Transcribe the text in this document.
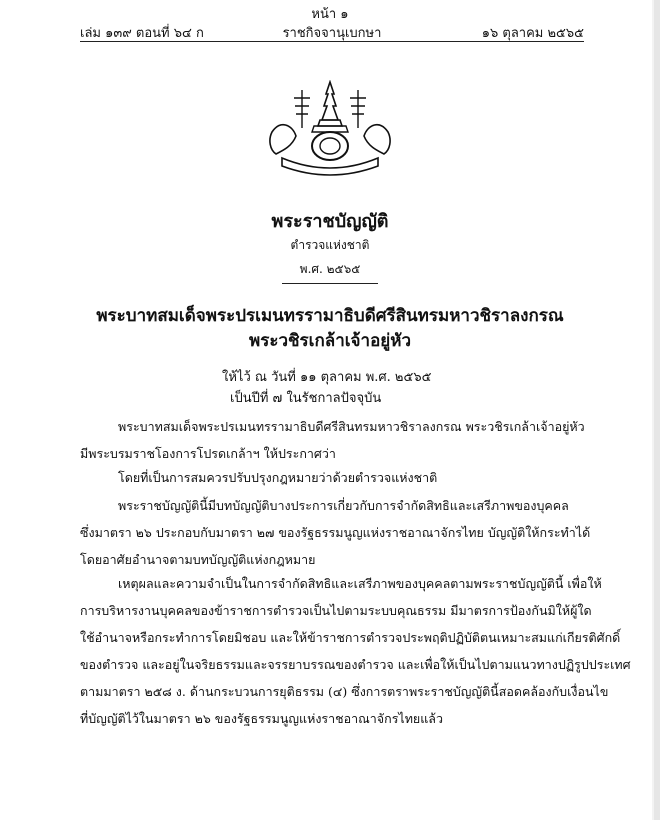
หน้า ๑
เล่ม ๑๓๙ ตอนที่ ๖๔ ก	ราชกิจจานุเบกษา	๑๖ ตุลาคม ๒๕๖๕
พระราชบัญญัติ
ตำรวจแห่งชาติ
พ.ศ. ๒๕๖๕
พระบาทสมเด็จพระปรเมนทรรามาธิบดีศรีสินทรมหาวชิราลงกรณ
พระวชิรเกล้าเจ้าอยู่หัว
ให้ไว้ ณ วันที่ ๑๑ ตุลาคม พ.ศ. ๒๕๖๕
เป็นปีที่ ๗ ในรัชกาลปัจจุบัน
พระบาทสมเด็จพระปรเมนทรรามาธิบดีศรีสินทรมหาวชิราลงกรณ พระวชิรเกล้าเจ้าอยู่หัว
มีพระบรมราชโองการโปรดเกล้าฯ ให้ประกาศว่า
โดยที่เป็นการสมควรปรับปรุงกฎหมายว่าด้วยตำรวจแห่งชาติ
พระราชบัญญัตินี้มีบทบัญญัติบางประการเกี่ยวกับการจำกัดสิทธิและเสรีภาพของบุคคล
ซึ่งมาตรา ๒๖ ประกอบกับมาตรา ๒๗ ของรัฐธรรมนูญแห่งราชอาณาจักรไทย บัญญัติให้กระทำได้
โดยอาศัยอำนาจตามบทบัญญัติแห่งกฎหมาย
เหตุผลและความจำเป็นในการจำกัดสิทธิและเสรีภาพของบุคคลตามพระราชบัญญัตินี้ เพื่อให้
การบริหารงานบุคคลของข้าราชการตำรวจเป็นไปตามระบบคุณธรรม มีมาตรการป้องกันมิให้ผู้ใด
ใช้อำนาจหรือกระทำการโดยมิชอบ และให้ข้าราชการตำรวจประพฤติปฏิบัติตนเหมาะสมแก่เกียรติศักดิ์
ของตำรวจ และอยู่ในจริยธรรมและจรรยาบรรณของตำรวจ และเพื่อให้เป็นไปตามแนวทางปฏิรูปประเทศ
ตามมาตรา ๒๕๘ ง. ด้านกระบวนการยุติธรรม (๔) ซึ่งการตราพระราชบัญญัตินี้สอดคล้องกับเงื่อนไข
ที่บัญญัติไว้ในมาตรา ๒๖ ของรัฐธรรมนูญแห่งราชอาณาจักรไทยแล้ว
